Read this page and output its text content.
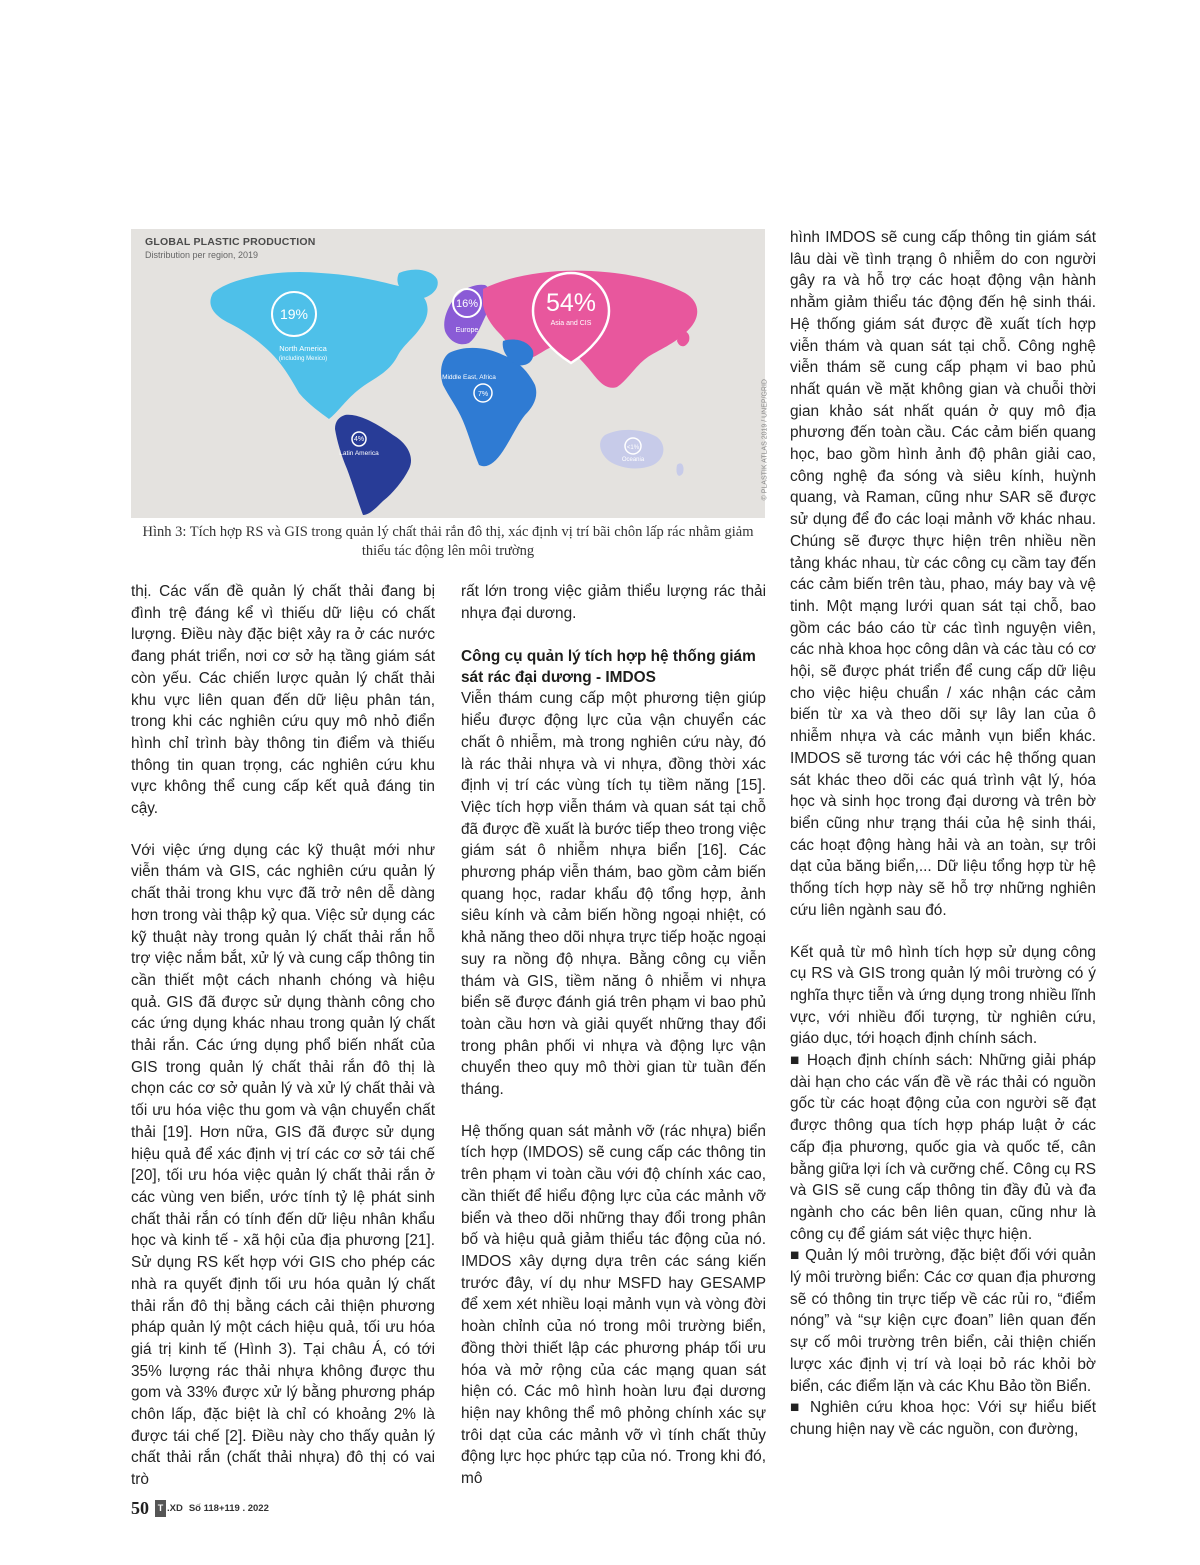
19%
North America
(including Mexico)
16%
Europe
54%
Asia and CIS
7%
Middle East, Africa
4%
Latin America
<1%
Oceania
GLOBAL PLASTIC PRODUCTION
Distribution per region, 2019
© PLASTIK ATLAS 2019 / UNEP/GRID
Hình 3: Tích hợp RS và GIS trong quản lý chất thải rắn đô thị, xác định vị trí bãi chôn lấp rác nhằm giảm thiểu tác động lên môi trường

thị. Các vấn đề quản lý chất thải đang bị đình trệ đáng kể vì thiếu dữ liệu có chất lượng. Điều này đặc biệt xảy ra ở các nước đang phát triển, nơi cơ sở hạ tầng giám sát còn yếu. Các chiến lược quản lý chất thải khu vực liên quan đến dữ liệu phân tán, trong khi các nghiên cứu quy mô nhỏ điển hình chỉ trình bày thông tin điểm và thiếu thông tin quan trọng, các nghiên cứu khu vực không thể cung cấp kết quả đáng tin cậy.

Với việc ứng dụng các kỹ thuật mới như viễn thám và GIS, các nghiên cứu quản lý chất thải trong khu vực đã trở nên dễ dàng hơn trong vài thập kỷ qua. Việc sử dụng các kỹ thuật này trong quản lý chất thải rắn hỗ trợ việc nắm bắt, xử lý và cung cấp thông tin cần thiết một cách nhanh chóng và hiệu quả. GIS đã được sử dụng thành công cho các ứng dụng khác nhau trong quản lý chất thải rắn. Các ứng dụng phổ biến nhất của GIS trong quản lý chất thải rắn đô thị là chọn các cơ sở quản lý và xử lý chất thải và tối ưu hóa việc thu gom và vận chuyển chất thải [19]. Hơn nữa, GIS đã được sử dụng hiệu quả để xác định vị trí các cơ sở tái chế [20], tối ưu hóa việc quản lý chất thải rắn ở các vùng ven biển, ước tính tỷ lệ phát sinh chất thải rắn có tính đến dữ liệu nhân khẩu học và kinh tế - xã hội của địa phương [21]. Sử dụng RS kết hợp với GIS cho phép các nhà ra quyết định tối ưu hóa quản lý chất thải rắn đô thị bằng cách cải thiện phương pháp quản lý một cách hiệu quả, tối ưu hóa giá trị kinh tế (Hình 3). Tại châu Á, có tới 35% lượng rác thải nhựa không được thu gom và 33% được xử lý bằng phương pháp chôn lấp, đặc biệt là chỉ có khoảng 2% là được tái chế [2]. Điều này cho thấy quản lý chất thải rắn (chất thải nhựa) đô thị có vai trò

rất lớn trong việc giảm thiểu lượng rác thải nhựa đại dương.

Công cụ quản lý tích hợp hệ thống giám sát rác đại dương - IMDOS

Viễn thám cung cấp một phương tiện giúp hiểu được động lực của vận chuyển các chất ô nhiễm, mà trong nghiên cứu này, đó là rác thải nhựa và vi nhựa, đồng thời xác định vị trí các vùng tích tụ tiềm năng [15]. Việc tích hợp viễn thám và quan sát tại chỗ đã được đề xuất là bước tiếp theo trong việc giám sát ô nhiễm nhựa biển [16]. Các phương pháp viễn thám, bao gồm cảm biến quang học, radar khẩu độ tổng hợp, ảnh siêu kính và cảm biến hồng ngoại nhiệt, có khả năng theo dõi nhựa trực tiếp hoặc ngoại suy ra nồng độ nhựa. Bằng công cụ viễn thám và GIS, tiềm năng ô nhiễm vi nhựa biển sẽ được đánh giá trên phạm vi bao phủ toàn cầu hơn và giải quyết những thay đổi trong phân phối vi nhựa và động lực vận chuyển theo quy mô thời gian từ tuần đến tháng.

Hệ thống quan sát mảnh vỡ (rác nhựa) biển tích hợp (IMDOS) sẽ cung cấp các thông tin trên phạm vi toàn cầu với độ chính xác cao, cần thiết để hiểu động lực của các mảnh vỡ biển và theo dõi những thay đổi trong phân bố và hiệu quả giảm thiểu tác động của nó. IMDOS xây dựng dựa trên các sáng kiến trước đây, ví dụ như MSFD hay GESAMP để xem xét nhiều loại mảnh vụn và vòng đời hoàn chỉnh của nó trong môi trường biển, đồng thời thiết lập các phương pháp tối ưu hóa và mở rộng của các mạng quan sát hiện có. Các mô hình hoàn lưu đại dương hiện nay không thể mô phỏng chính xác sự trôi dạt của các mảnh vỡ vì tính chất thủy động lực học phức tạp của nó. Trong khi đó, mô

hình IMDOS sẽ cung cấp thông tin giám sát lâu dài về tình trạng ô nhiễm do con người gây ra và hỗ trợ các hoạt động vận hành nhằm giảm thiểu tác động đến hệ sinh thái. Hệ thống giám sát được đề xuất tích hợp viễn thám và quan sát tại chỗ. Công nghệ viễn thám sẽ cung cấp phạm vi bao phủ nhất quán về mặt không gian và chuỗi thời gian khảo sát nhất quán ở quy mô địa phương đến toàn cầu. Các cảm biến quang học, bao gồm hình ảnh độ phân giải cao, công nghệ đa sóng và siêu kính, huỳnh quang, và Raman, cũng như SAR sẽ được sử dụng để đo các loại mảnh vỡ khác nhau. Chúng sẽ được thực hiện trên nhiều nền tảng khác nhau, từ các công cụ cầm tay đến các cảm biến trên tàu, phao, máy bay và vệ tinh. Một mạng lưới quan sát tại chỗ, bao gồm các báo cáo từ các tình nguyện viên, các nhà khoa học công dân và các tàu có cơ hội, sẽ được phát triển để cung cấp dữ liệu cho việc hiệu chuẩn / xác nhận các cảm biến từ xa và theo dõi sự lây lan của ô nhiễm nhựa và các mảnh vụn biển khác. IMDOS sẽ tương tác với các hệ thống quan sát khác theo dõi các quá trình vật lý, hóa học và sinh học trong đại dương và trên bờ biển cũng như trạng thái của hệ sinh thái, các hoạt động hàng hải và an toàn, sự trôi dạt của băng biển,... Dữ liệu tổng hợp từ hệ thống tích hợp này sẽ hỗ trợ những nghiên cứu liên ngành sau đó.

Kết quả từ mô hình tích hợp sử dụng công cụ RS và GIS trong quản lý môi trường có ý nghĩa thực tiễn và ứng dụng trong nhiều lĩnh vực, với nhiều đối tượng, từ nghiên cứu, giáo dục, tới hoạch định chính sách.

■ Hoạch định chính sách: Những giải pháp dài hạn cho các vấn đề về rác thải có nguồn gốc từ các hoạt động của con người sẽ đạt được thông qua tích hợp pháp luật ở các cấp địa phương, quốc gia và quốc tế, cân bằng giữa lợi ích và cưỡng chế. Công cụ RS và GIS sẽ cung cấp thông tin đầy đủ và đa ngành cho các bên liên quan, cũng như là công cụ để giám sát việc thực hiện.

■ Quản lý môi trường, đặc biệt đối với quản lý môi trường biển: Các cơ quan địa phương sẽ có thông tin trực tiếp về các rủi ro, “điểm nóng” và “sự kiện cực đoan” liên quan đến sự cố môi trường trên biển, cải thiện chiến lược xác định vị trí và loại bỏ rác khỏi bờ biển, các điểm lặn và các Khu Bảo tồn Biển.

■ Nghiên cứu khoa học: Với sự hiểu biết chung hiện nay về các nguồn, con đường,

50 T .XD Số 118+119 . 2022
